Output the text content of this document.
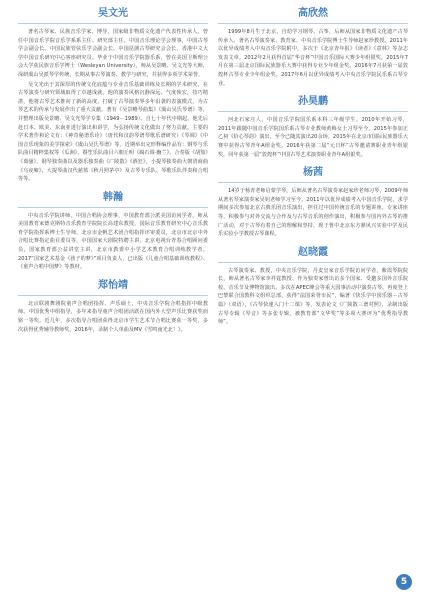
吴文光

著名古琴家、民族音乐学家、博导，国家级非物质文化遗产代表性传承人。曾任中国音乐学院音乐学系系主任、研究部主任、中国音乐理论学会理事，中国古琴学会副会长、中国民族管弦乐学会副会长、中国昆剧古琴研究会会长，香港中文大学中国音乐研究中心客座研究员。毕业于中国音乐学院器乐系，曾在美国卫斯理公会大学获民族音乐学博士（Wesleyan University），师从吴景略、吴文光等大师，深研虞山吴派琴学传统，长期从事古琴演奏、教学与研究，并获得多项学术荣誉。

吴文光出于其深厚的传统文化底蕴与专业音乐基础训练及长期的学术研究，在古琴演奏与研究领域取得了卓越成就。他的演奏风格沉静深远、气度恢宏，技巧精湛，他将古琴艺术推向了新的高度，打破了古琴演奏界多年沿袭的表演模式，为古琴艺术的传承与发展作出了重大贡献。著有《吴景略琴曲集》《虞山吴氏琴谱》等，并整理出版吴景略、吴文光琴学专集（1949－1989）、自七十年代中期起，他先后赴日本、欧美、东南亚进行演出和讲学，为弘扬传统文化做出了努力贡献。主要的学术著作和论文有：《神奇秘谱乐诠》（唐代和汉韵琴谱琴歌乐谱研究）《琴调》《中国音乐现象的美学探索》《虞山吴氏琴谱》等。近期举出完形释编作品有：钢琴与乐队曲目精粹集权等《瓜洲》，瞽笙乐队曲目六朝丘明《碣石调·幽兰》，合奏版《胡笳》《离骚》，钢琴独奏曲以及器乐独奏曲《广陵散》《酒狂》，小提琴独奏曲大朝清商曲《乌夜啼》、大提琴曲汉代慈篮《秋月照茅亭》及古琴专乐队、琴歌乐队伴奏和合唱等等。

韩瀚

中央音乐学院讲师，中国合唱协会理事，中国教育部公派美国访问学者，师从美国教育家德克斯特音乐教育学院院长高建东教授，国际音乐教育研究中心音乐教育学院指挥系博士生导师，北京市金帆艺术团合唱指挥评审委员，北京市北京中外合唱比赛指定曲目委员等，中国国家大剧院特聘主讲，北京电视台青春合唱顾问委员，国家教育部公益讲堂主讲，北京市教委中小学艺术教育合唱训练教学者。2017“国家艺术基金《孩子的梦》”项目负责人，已出版《儿童合唱基础训练教程》、《童声合唱中国梦》等教材。

郑怡靖

北京联剧舞剧院童声合唱团指挥、声乐硕士，中央音乐学院合唱指挥中级教师、中国优秀中组指导，多年来指导童声合唱团活跃在国内外大型声乐比赛获奖而铭一等奖。近几年，多次指导合唱团获得北京市学生艺术节合唱比赛获一等奖，多次获得优秀辅导教师奖。2016年，录制个人单曲及MV《雪鸣南光北！》。

高欣然

1999年8月生于北京，自幼学习钢琴、古筝，后师从国家非物质文化遗产古琴传承人、著名古琴演奏家、教育家、中央音乐学院博士生导师赵家珍教授。2011年以优异成绩考入中央音乐学院附中，多次于《北京青年报》《读者》《意林》等杂志发表文章。2012年2月获得首届“华音杯”中国音乐国际大赛少年组银奖，2015年7月在第三届北京国际民族器乐大赛中获得专业少年组金奖。2016年7月获第一届敦煌杯古琴专业少年组金奖。2017年6月以优异成绩考入中央音乐学院民乐系古琴专业。

孙昊鹏

河北石家庄人，中国音乐学院国乐系本科三年级学生。2010年开始习琴，2011年跟随中国音乐学院国乐系古琴专业教师黄梅女士习琴至今。2015年参加正乙祠《恰心琴韵》演出，至今已随其演出20余场。2015年在北京市国际民族器乐大赛中获得古琴青年A组金奖。2016年获第二届“元日杯”古琴邀请赛职业青年组银奖，同年获第一届“敦煌杯”中国古琴艺术演奏职业青年A组银奖。

杨茜

14岁于杨青老师启蒙学琴，后师从著名古琴演奏家赵家珍老师习琴，2009年师从著名琴家演奏家吴钊老师学习至今。2011年以优异成绩考入中国音乐学院，求学期间多次参加北京古典乐团音乐演出，担任过中国传统音乐的专题讲座、专家讲座等，积极参与对外交流与合作及与古琴音乐的创作演出，积极参与国内外古琴的推广活动，对于古琴有着自己的理解和坚持，现于鲁中北京东方鼎风兴实验中学及民乐实验小学教授古琴课程。

赵晓霞

古琴演奏家、教授，中央音乐学院，丹麦皇家音乐学院访问学者，紫霞琴院院长，师从著名古琴家李祥霆教授、作为独奏家曾出访多个国家、受邀多国外音乐院校、音乐节及博物馆演出。多次在APEC峰会等重大国事活动中演奏古琴。再度登上巴黎联合国教科文组织总部，获得“法国荣誉市民”，编著《快乐学中国乐器－古琴篇》（双语），《古琴快速入门十二课》等。发表论文《广陵散三谱对照》，录制出版古琴专辑《琴音》等多张专辑，被教育部“文华奖”等多项大赛评为“优秀指导教师”。

5
